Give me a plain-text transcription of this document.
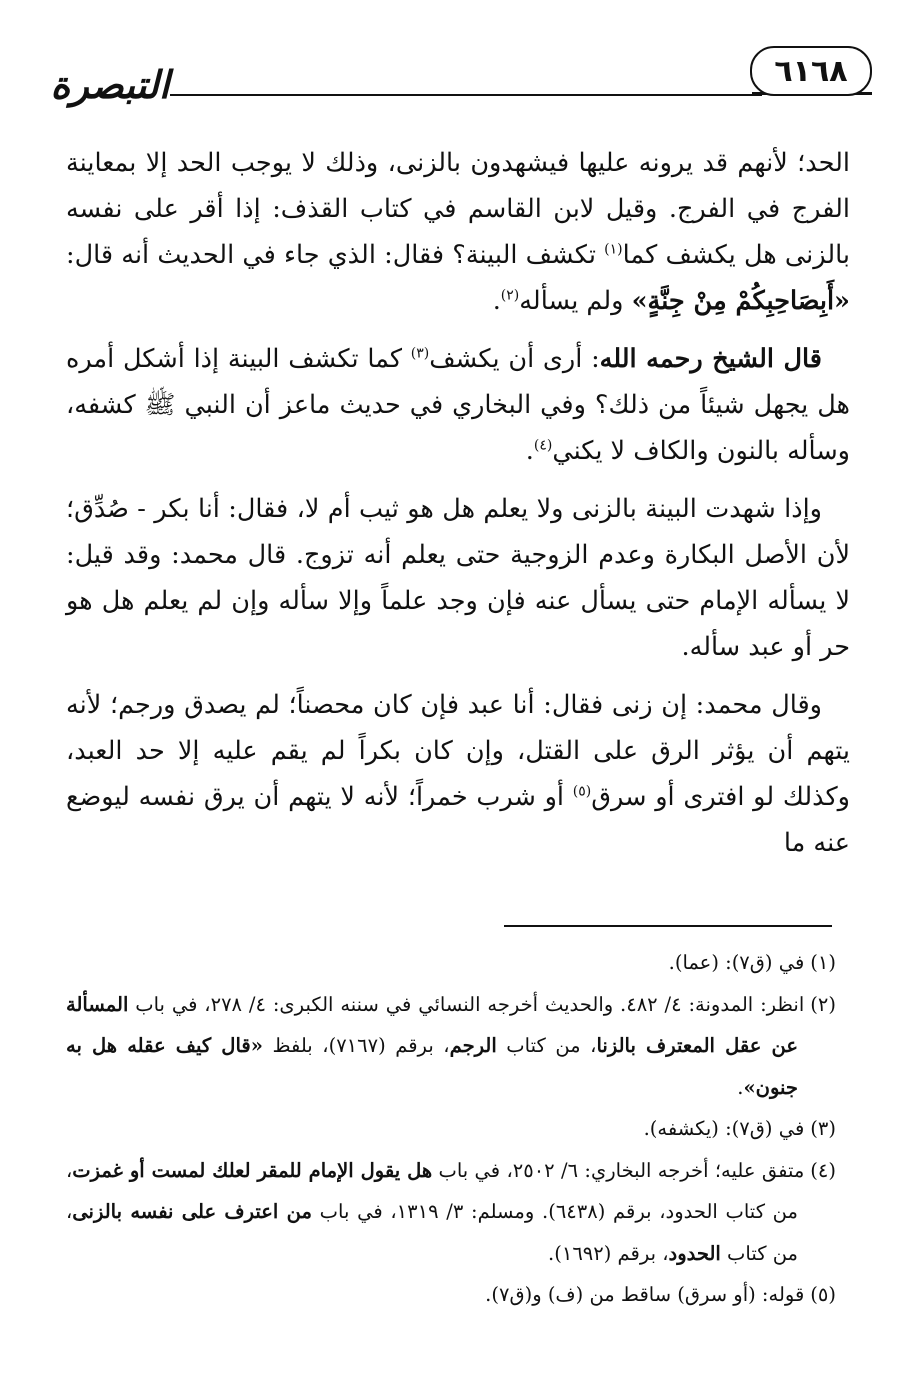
٦١٦٨
التبصرة

الحد؛ لأنهم قد يرونه عليها فيشهدون بالزنى، وذلك لا يوجب الحد إلا بمعاينة الفرج في الفرج. وقيل لابن القاسم في كتاب القذف: إذا أقر على نفسه بالزنى هل يكشف كما$^{(١)}$ تكشف البينة؟ فقال: الذي جاء في الحديث أنه قال: «أَبِصَاحِبِكُمْ مِنْ جِنَّةٍ» ولم يسأله$^{(٢)}$.

قال الشيخ رحمه الله: أرى أن يكشف$^{(٣)}$ كما تكشف البينة إذا أشكل أمره هل يجهل شيئاً من ذلك؟ وفي البخاري في حديث ماعز أن النبي ﷺ كشفه، وسأله بالنون والكاف لا يكني$^{(٤)}$.

وإذا شهدت البينة بالزنى ولا يعلم هل هو ثيب أم لا، فقال: أنا بكر - صُدِّق؛ لأن الأصل البكارة وعدم الزوجية حتى يعلم أنه تزوج. قال محمد: وقد قيل: لا يسأله الإمام حتى يسأل عنه فإن وجد علماً وإلا سأله وإن لم يعلم هل هو حر أو عبد سأله.

وقال محمد: إن زنى فقال: أنا عبد فإن كان محصناً؛ لم يصدق ورجم؛ لأنه يتهم أن يؤثر الرق على القتل، وإن كان بكراً لم يقم عليه إلا حد العبد، وكذلك لو افترى أو سرق$^{(٥)}$ أو شرب خمراً؛ لأنه لا يتهم أن يرق نفسه ليوضع عنه ما

(١)في (ق٧): (عما).

(٢)انظر: المدونة: ٤/ ٤٨٢. والحديث أخرجه النسائي في سننه الكبرى: ٤/ ٢٧٨، في باب المسألة عن عقل المعترف بالزنا، من كتاب الرجم، برقم (٧١٦٧)، بلفظ «قال كيف عقله هل به جنون».

(٣)في (ق٧): (يكشفه).

(٤)متفق عليه؛ أخرجه البخاري: ٦/ ٢٥٠٢، في باب هل يقول الإمام للمقر لعلك لمست أو غمزت، من كتاب الحدود، برقم (٦٤٣٨). ومسلم: ٣/ ١٣١٩، في باب من اعترف على نفسه بالزنى، من كتاب الحدود، برقم (١٦٩٢).

(٥)قوله: (أو سرق) ساقط من (ف) و(ق٧).
